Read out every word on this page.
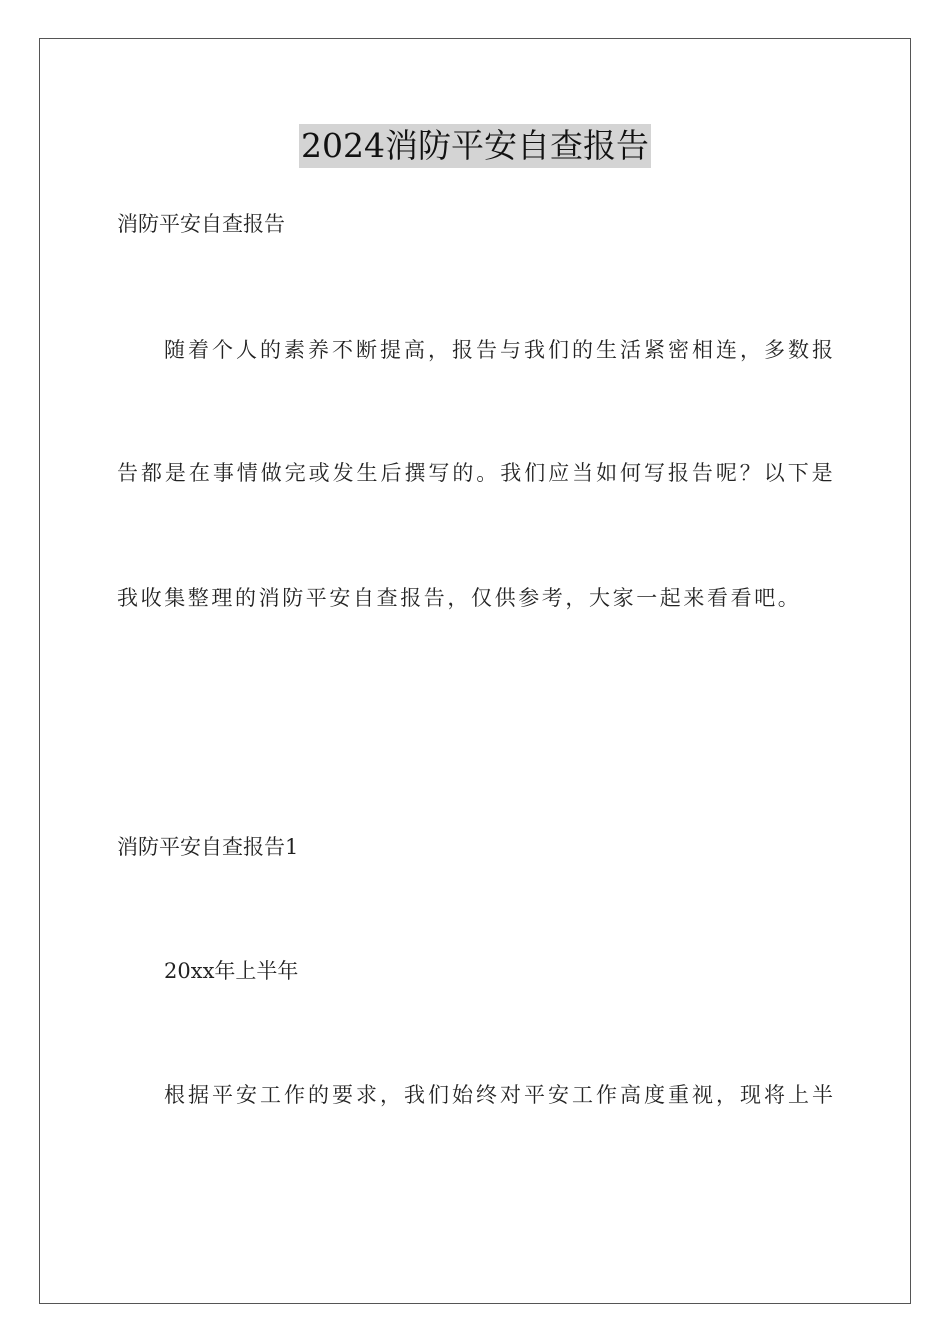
2024消防平安自查报告
消防平安自查报告
随 着 个 人 的 素 养 不 断 提 高 ， 报 告 与 我 们 的 生 活 紧 密 相 连 ， 多 数 报
告 都 是 在 事 情 做 完 或 发 生 后 撰 写 的 。 我 们 应 当 如 何 写 报 告 呢 ？ 以 下 是
我收集整理的消防平安自查报告，仅供参考，大家一起来看看吧。
消防平安自查报告1
20xx年上半年
根 据 平 安 工 作 的 要 求 ， 我 们 始 终 对 平 安 工 作 高 度 重 视 ， 现 将 上 半
